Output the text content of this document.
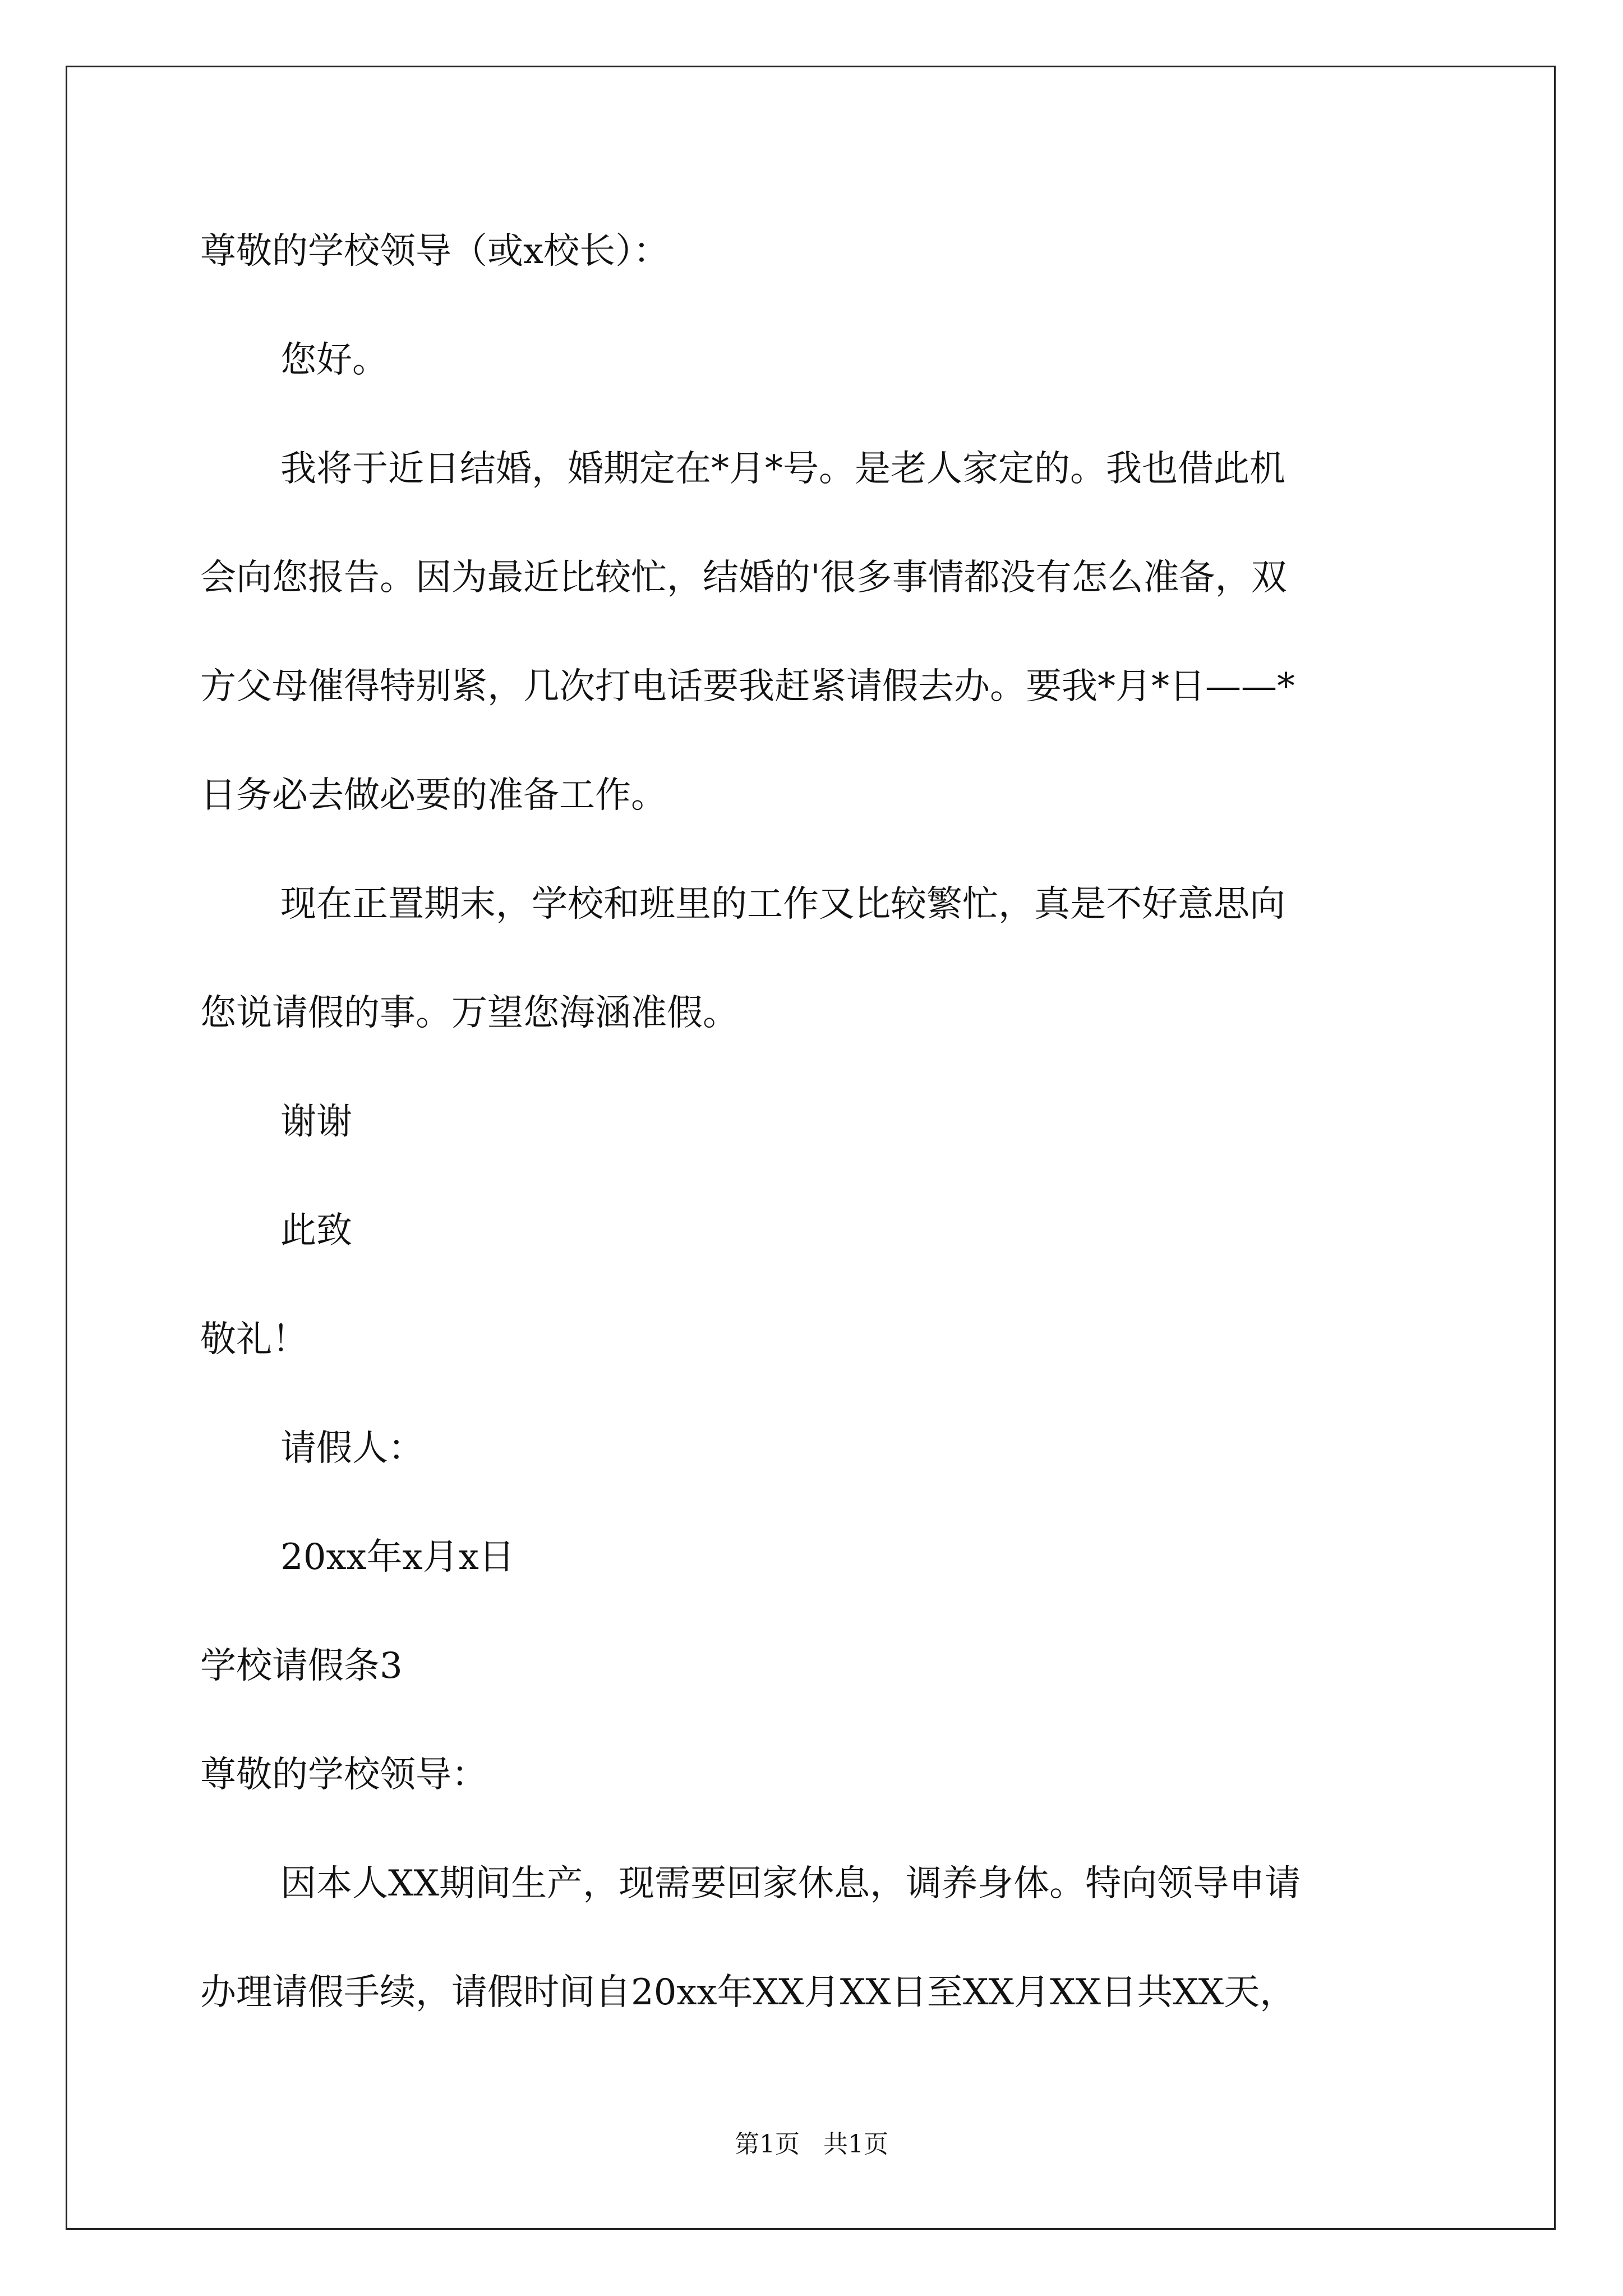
尊敬的学校领导（或x校长）：
您好。
我将于近日结婚，婚期定在*月*号。是老人家定的。我也借此机
会向您报告。因为最近比较忙，结婚的'很多事情都没有怎么准备，双
方父母催得特别紧，几次打电话要我赶紧请假去办。要我*月*日——*
日务必去做必要的准备工作。
现在正置期末，学校和班里的工作又比较繁忙，真是不好意思向
您说请假的事。万望您海涵准假。
谢谢
此致
敬礼！
请假人：
20xx年x月x日
学校请假条3
尊敬的学校领导：
因本人XX期间生产，现需要回家休息，调养身体。特向领导申请
办理请假手续，请假时间自20xx年XX月XX日至XX月XX日共XX天，
第1页   共1页
